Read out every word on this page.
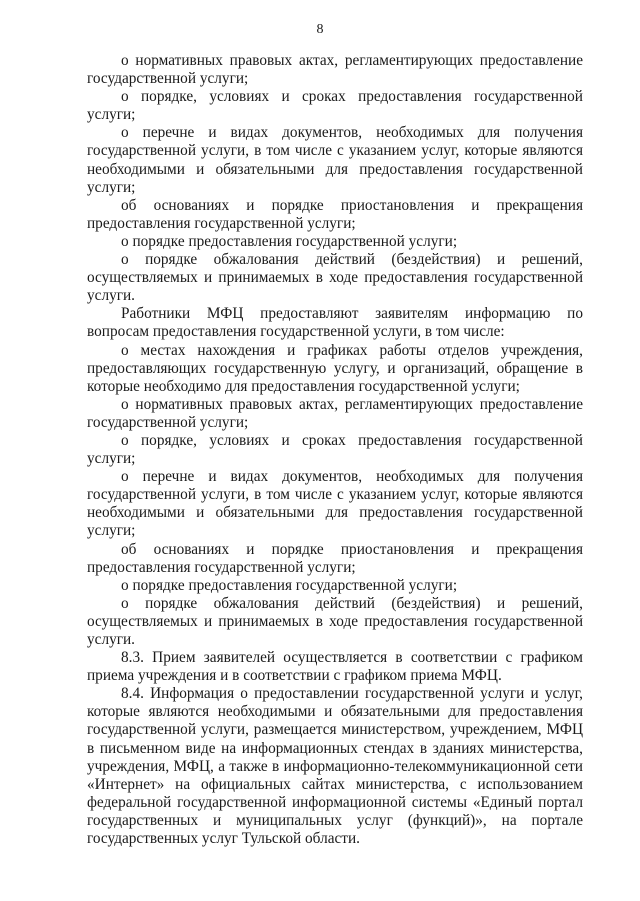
8

о нормативных правовых актах, регламентирующих предоставление государственной услуги;

о порядке, условиях и сроках предоставления государственной услуги;

о перечне и видах документов, необходимых для получения государственной услуги, в том числе с указанием услуг, которые являются необходимыми и обязательными для предоставления государственной услуги;

об основаниях и порядке приостановления и прекращения предоставления государственной услуги;

о порядке предоставления государственной услуги;

о порядке обжалования действий (бездействия) и решений, осуществляемых и принимаемых в ходе предоставления государственной услуги.

Работники МФЦ предоставляют заявителям информацию по вопросам предоставления государственной услуги, в том числе:

о местах нахождения и графиках работы отделов учреждения, предоставляющих государственную услугу, и организаций, обращение в которые необходимо для предоставления государственной услуги;

о нормативных правовых актах, регламентирующих предоставление государственной услуги;

о порядке, условиях и сроках предоставления государственной услуги;

о перечне и видах документов, необходимых для получения государственной услуги, в том числе с указанием услуг, которые являются необходимыми и обязательными для предоставления государственной услуги;

об основаниях и порядке приостановления и прекращения предоставления государственной услуги;

о порядке предоставления государственной услуги;

о порядке обжалования действий (бездействия) и решений, осуществляемых и принимаемых в ходе предоставления государственной услуги.

8.3. Прием заявителей осуществляется в соответствии с графиком приема учреждения и в соответствии с графиком приема МФЦ.

8.4. Информация о предоставлении государственной услуги и услуг, которые являются необходимыми и обязательными для предоставления государственной услуги, размещается министерством, учреждением, МФЦ в письменном виде на информационных стендах в зданиях министерства, учреждения, МФЦ, а также в информационно-телекоммуникационной сети «Интернет» на официальных сайтах министерства, с использованием федеральной государственной информационной системы «Единый портал государственных и муниципальных услуг (функций)», на портале государственных услуг Тульской области.
